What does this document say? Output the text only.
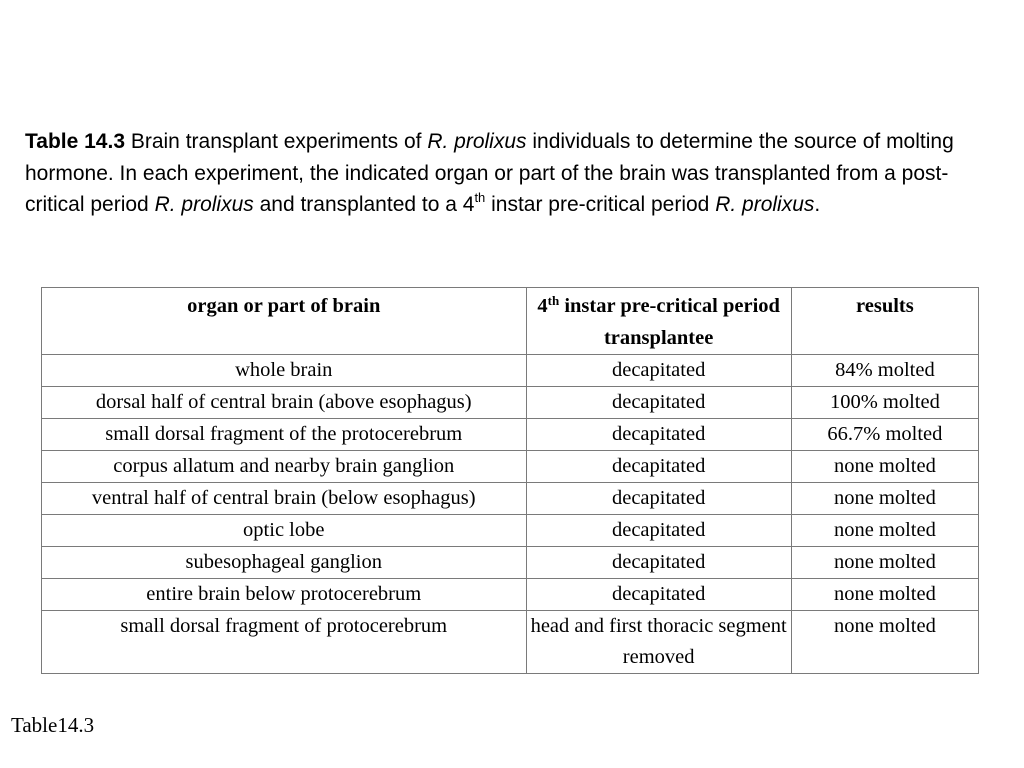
Table 14.3 Brain transplant experiments of R. prolixus individuals to determine the source of molting hormone. In each experiment, the indicated organ or part of the brain was transplanted from a post-critical period R. prolixus and transplanted to a 4th instar pre-critical period R. prolixus.
organ or part of brain	4th instar pre-critical period transplantee	results
whole brain	decapitated	84% molted
dorsal half of central brain (above esophagus)	decapitated	100% molted
small dorsal fragment of the protocerebrum	decapitated	66.7% molted
corpus allatum and nearby brain ganglion	decapitated	none molted
ventral half of central brain (below esophagus)	decapitated	none molted
optic lobe	decapitated	none molted
subesophageal ganglion	decapitated	none molted
entire brain below protocerebrum	decapitated	none molted
small dorsal fragment of protocerebrum	head and first thoracic segment removed	none molted
Table14.3
